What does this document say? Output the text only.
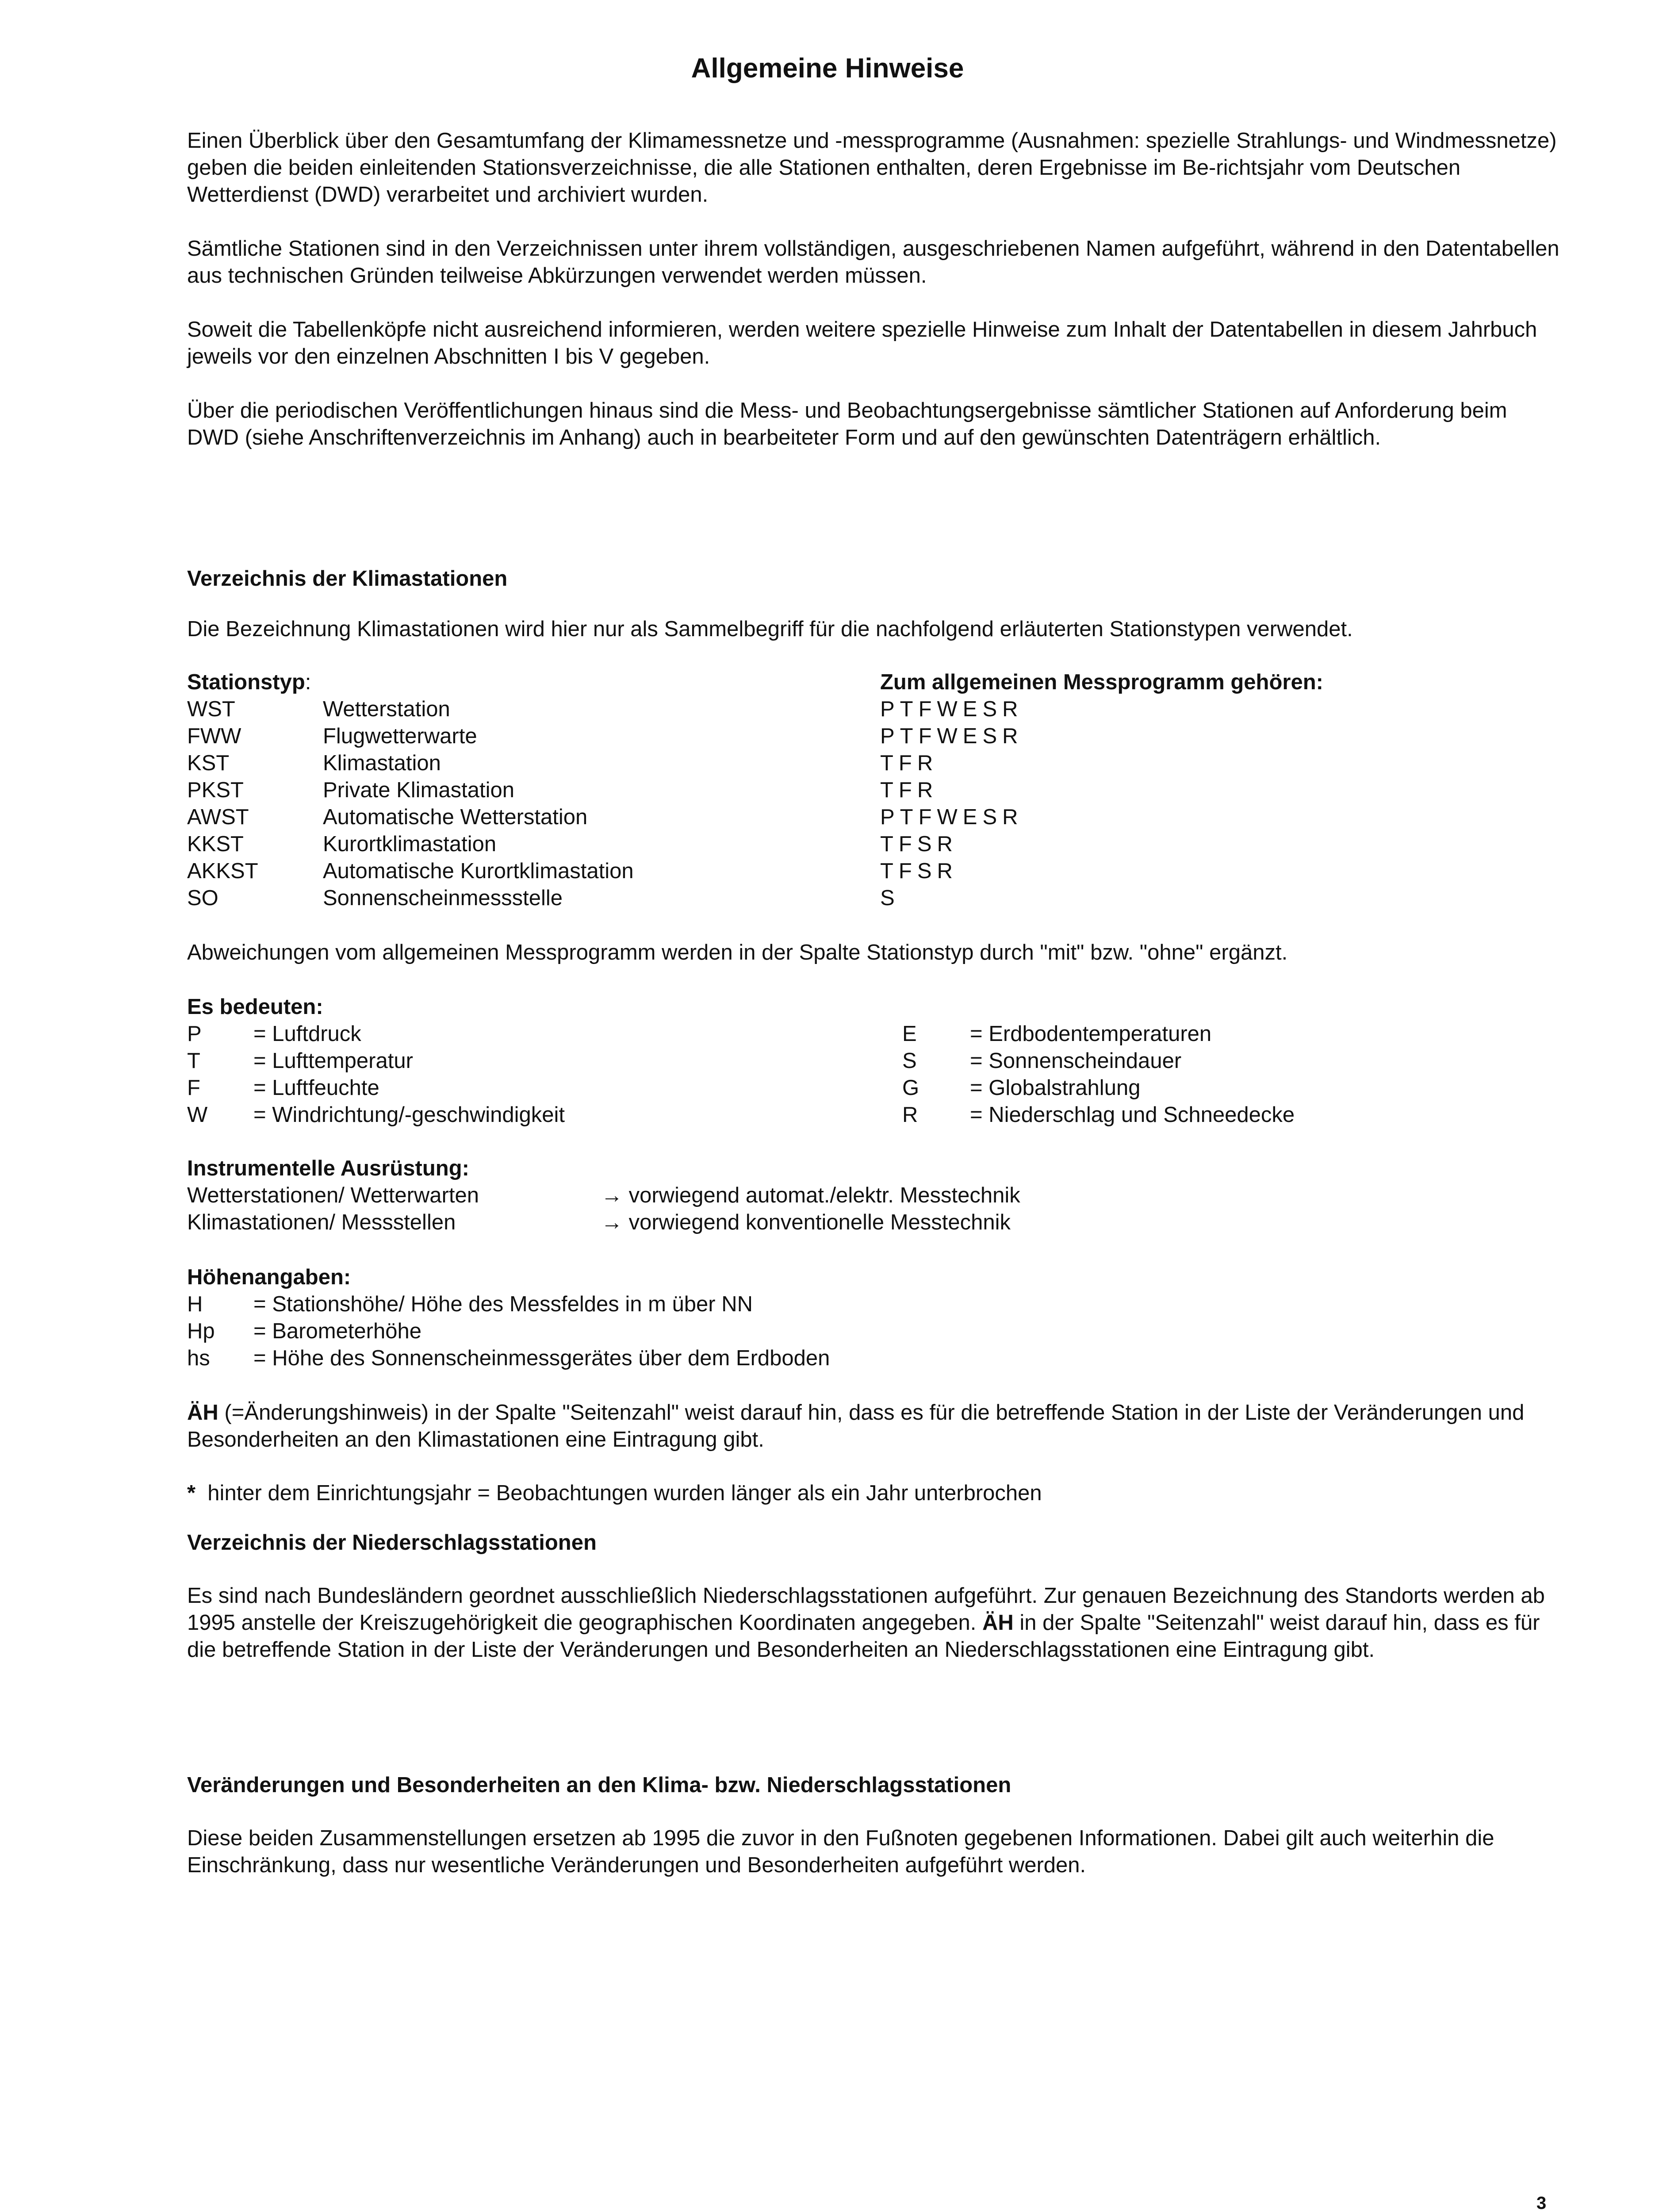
Allgemeine Hinweise

Einen Überblick über den Gesamtumfang der Klimamessnetze und -messprogramme (Ausnahmen: spezielle Strahlungs- und Windmessnetze) geben die beiden einleitenden Stationsverzeichnisse, die alle Stationen enthalten, deren Ergebnisse im Be-richtsjahr vom Deutschen Wetterdienst (DWD) verarbeitet und archiviert wurden.

Sämtliche Stationen sind in den Verzeichnissen unter ihrem vollständigen, ausgeschriebenen Namen aufgeführt, während in den Datentabellen aus technischen Gründen teilweise Abkürzungen verwendet werden müssen.

Soweit die Tabellenköpfe nicht ausreichend informieren, werden weitere spezielle Hinweise zum Inhalt der Datentabellen in diesem Jahrbuch jeweils vor den einzelnen Abschnitten I bis V gegeben.

Über die periodischen Veröffentlichungen hinaus sind die Mess- und Beobachtungsergebnisse sämtlicher Stationen auf Anforderung beim DWD (siehe Anschriftenverzeichnis im Anhang) auch in bearbeiteter Form und auf den gewünschten Datenträgern erhältlich.

Verzeichnis der Klimastationen
Die Bezeichnung Klimastationen wird hier nur als Sammelbegriff für die nachfolgend erläuterten Stationstypen verwendet.
Stationstyp:	Zum allgemeinen Messprogramm gehören:
WST	Wetterstation	PTFWESR
FWW	Flugwetterwarte	PTFWESR
KST	Klimastation	TFR
PKST	Private Klimastation	TFR
AWST	Automatische Wetterstation	PTFWESR
KKST	Kurortklimastation	TFSR
AKKST	Automatische Kurortklimastation	TFSR
SO	Sonnenscheinmessstelle	S
Abweichungen vom allgemeinen Messprogramm werden in der Spalte Stationstyp durch "mit" bzw. "ohne" ergänzt.
Es bedeuten:
P = Luftdruck	E = Erdbodentemperaturen
T = Lufttemperatur	S = Sonnenscheindauer
F = Luftfeuchte	G = Globalstrahlung
W = Windrichtung/-geschwindigkeit	R = Niederschlag und Schneedecke
Instrumentelle Ausrüstung:
Wetterstationen/ Wetterwarten	→ vorwiegend automat./elektr. Messtechnik
Klimastationen/ Messstellen	→ vorwiegend konventionelle Messtechnik
Höhenangaben:
H = Stationshöhe/ Höhe des Messfeldes in m über NN
Hp = Barometerhöhe
hs = Höhe des Sonnenscheinmessgerätes über dem Erdboden

ÄH (=Änderungshinweis) in der Spalte "Seitenzahl" weist darauf hin, dass es für die betreffende Station in der Liste der Veränderungen und Besonderheiten an den Klimastationen eine Eintragung gibt.

*  hinter dem Einrichtungsjahr = Beobachtungen wurden länger als ein Jahr unterbrochen
Verzeichnis der Niederschlagsstationen

Es sind nach Bundesländern geordnet ausschließlich Niederschlagsstationen aufgeführt. Zur genauen Bezeichnung des Standorts werden ab 1995 anstelle der Kreiszugehörigkeit die geographischen Koordinaten angegeben. ÄH in der Spalte "Seitenzahl" weist darauf hin, dass es für die betreffende Station in der Liste der Veränderungen und Besonderheiten an Niederschlagsstationen eine Eintragung gibt.

Veränderungen und Besonderheiten an den Klima- bzw. Niederschlagsstationen

Diese beiden Zusammenstellungen ersetzen ab 1995 die zuvor in den Fußnoten gegebenen Informationen. Dabei gilt auch weiterhin die Einschränkung, dass nur wesentliche Veränderungen und Besonderheiten aufgeführt werden.

3
